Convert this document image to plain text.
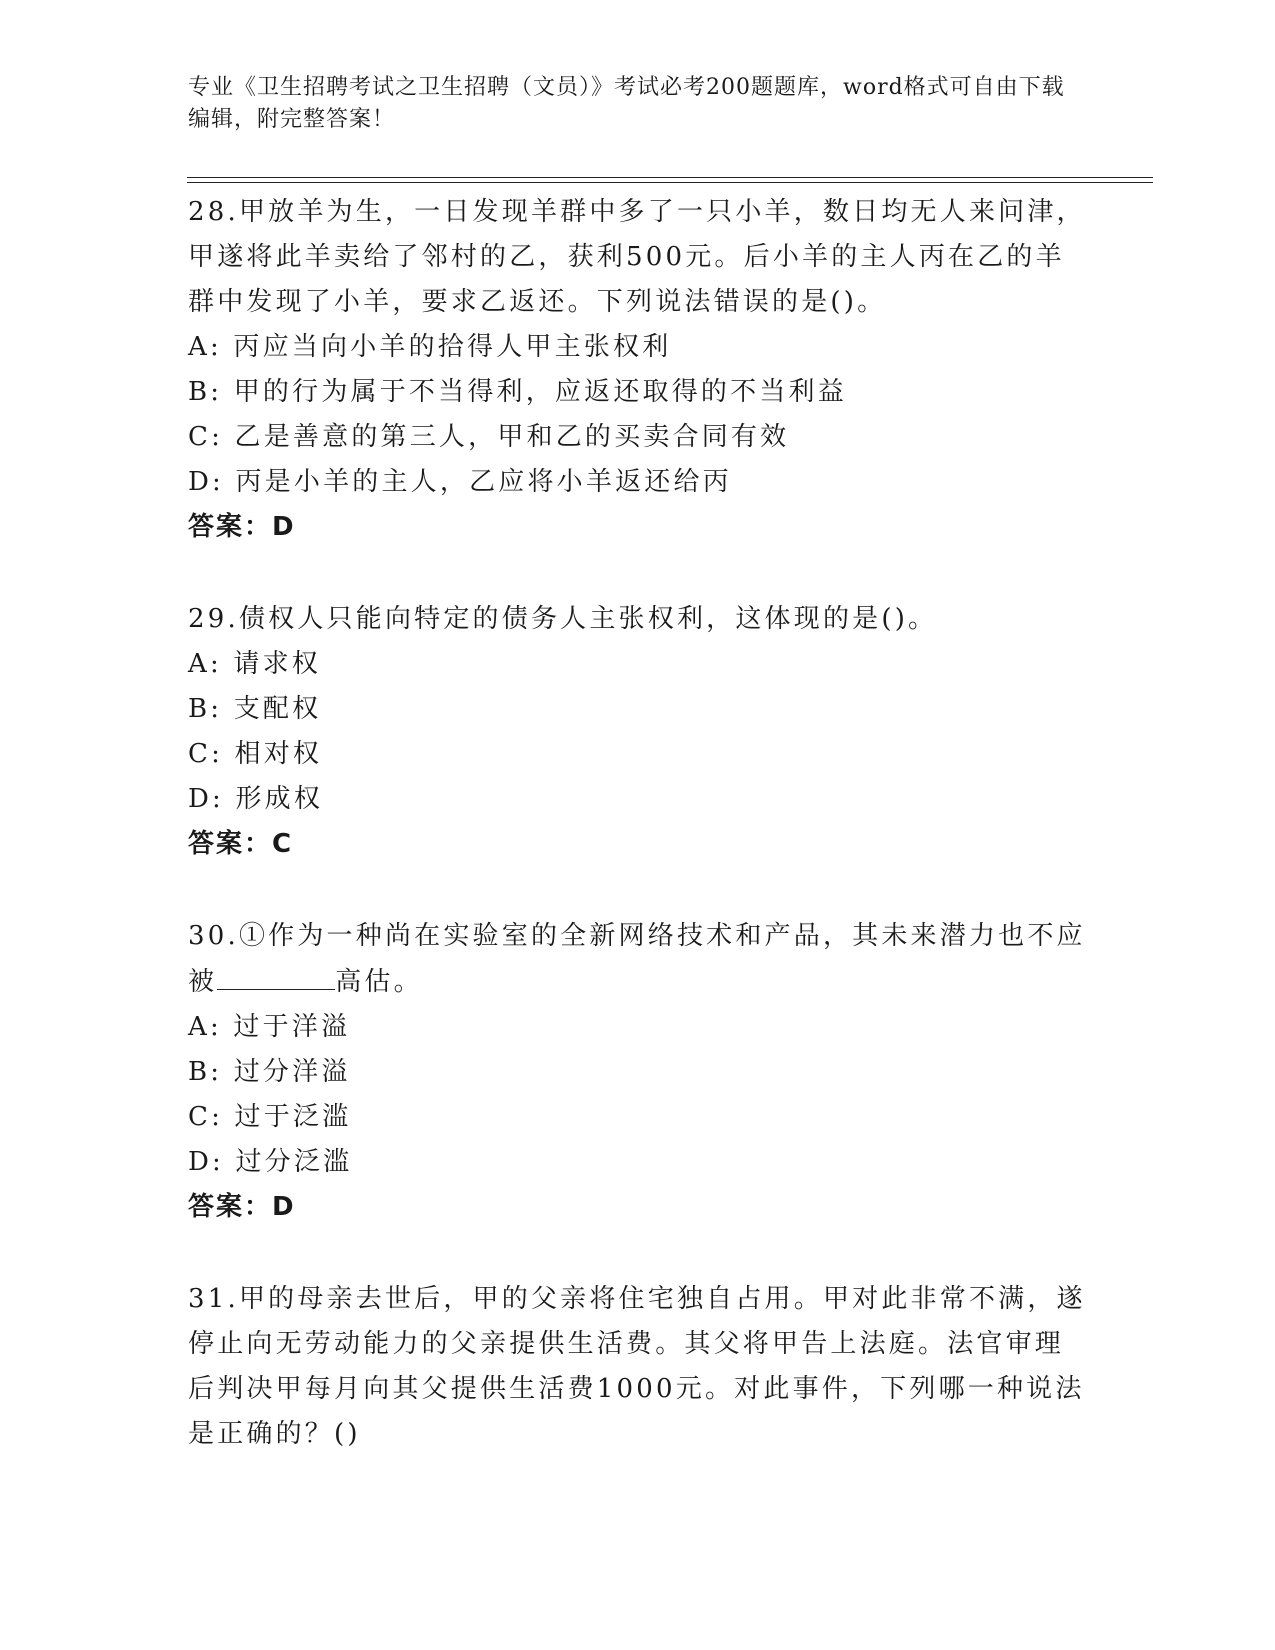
专业《卫生招聘考试之卫生招聘（文员）》考试必考200题题库，word格式可自由下载编辑，附完整答案！
28.甲放羊为生，一日发现羊群中多了一只小羊，数日均无人来问津，甲遂将此羊卖给了邻村的乙，获利500元。后小羊的主人丙在乙的羊群中发现了小羊，要求乙返还。下列说法错误的是()。
A: 丙应当向小羊的拾得人甲主张权利
B: 甲的行为属于不当得利，应返还取得的不当利益
C: 乙是善意的第三人，甲和乙的买卖合同有效
D: 丙是小羊的主人，乙应将小羊返还给丙
答案：D
29.债权人只能向特定的债务人主张权利，这体现的是()。
A: 请求权
B: 支配权
C: 相对权
D: 形成权
答案：C
30.①作为一种尚在实验室的全新网络技术和产品，其未来潜力也不应被	高估。
A: 过于洋溢
B: 过分洋溢
C: 过于泛滥
D: 过分泛滥
答案：D
31.甲的母亲去世后，甲的父亲将住宅独自占用。甲对此非常不满，遂停止向无劳动能力的父亲提供生活费。其父将甲告上法庭。法官审理后判决甲每月向其父提供生活费1000元。对此事件，下列哪一种说法是正确的？()
